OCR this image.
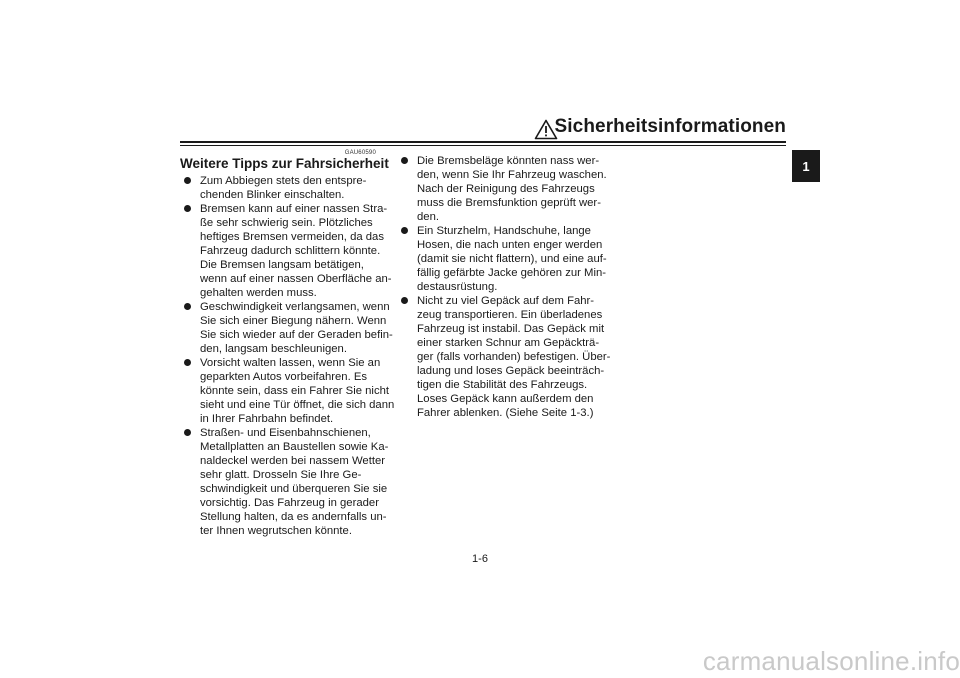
Sicherheitsinformationen
1
GAU60590
Weitere Tipps zur Fahrsicherheit
Zum Abbiegen stets den entspre-
chenden Blinker einschalten.
Bremsen kann auf einer nassen Stra-
ße sehr schwierig sein. Plötzliches
heftiges Bremsen vermeiden, da das
Fahrzeug dadurch schlittern könnte.
Die Bremsen langsam betätigen,
wenn auf einer nassen Oberfläche an-
gehalten werden muss.
Geschwindigkeit verlangsamen, wenn
Sie sich einer Biegung nähern. Wenn
Sie sich wieder auf der Geraden befin-
den, langsam beschleunigen.
Vorsicht walten lassen, wenn Sie an
geparkten Autos vorbeifahren. Es
könnte sein, dass ein Fahrer Sie nicht
sieht und eine Tür öffnet, die sich dann
in Ihrer Fahrbahn befindet.
Straßen- und Eisenbahnschienen,
Metallplatten an Baustellen sowie Ka-
naldeckel werden bei nassem Wetter
sehr glatt. Drosseln Sie Ihre Ge-
schwindigkeit und überqueren Sie sie
vorsichtig. Das Fahrzeug in gerader
Stellung halten, da es andernfalls un-
ter Ihnen wegrutschen könnte.
Die Bremsbeläge könnten nass wer-
den, wenn Sie Ihr Fahrzeug waschen.
Nach der Reinigung des Fahrzeugs
muss die Bremsfunktion geprüft wer-
den.
Ein Sturzhelm, Handschuhe, lange
Hosen, die nach unten enger werden
(damit sie nicht flattern), und eine auf-
fällig gefärbte Jacke gehören zur Min-
destausrüstung.
Nicht zu viel Gepäck auf dem Fahr-
zeug transportieren. Ein überladenes
Fahrzeug ist instabil. Das Gepäck mit
einer starken Schnur am Gepäckträ-
ger (falls vorhanden) befestigen. Über-
ladung und loses Gepäck beeinträch-
tigen die Stabilität des Fahrzeugs.
Loses Gepäck kann außerdem den
Fahrer ablenken. (Siehe Seite 1-3.)
1-6
carmanualsonline.info
